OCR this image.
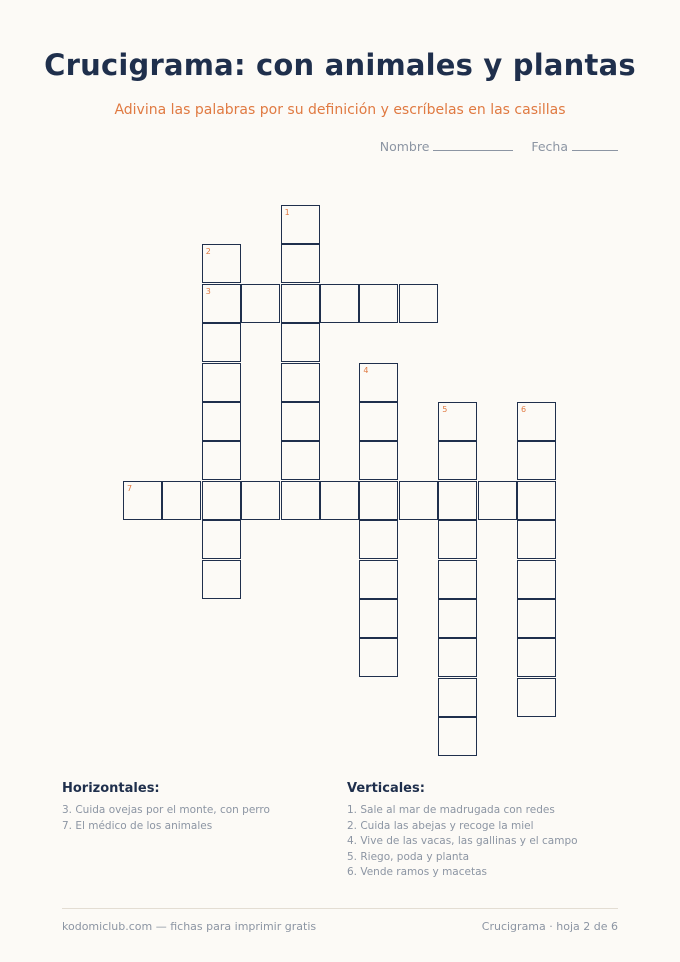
Crucigrama: con animales y plantas
Adivina las palabras por su definición y escríbelas en las casillas
Nombre	Fecha
1
2
3
4
5	6
7
Horizontales:
3. Cuida ovejas por el monte, con perro
7. El médico de los animales
Verticales:
1. Sale al mar de madrugada con redes
2. Cuida las abejas y recoge la miel
4. Vive de las vacas, las gallinas y el campo
5. Riego, poda y planta
6. Vende ramos y macetas
kodomiclub.com — fichas para imprimir gratis	Crucigrama · hoja 2 de 6
